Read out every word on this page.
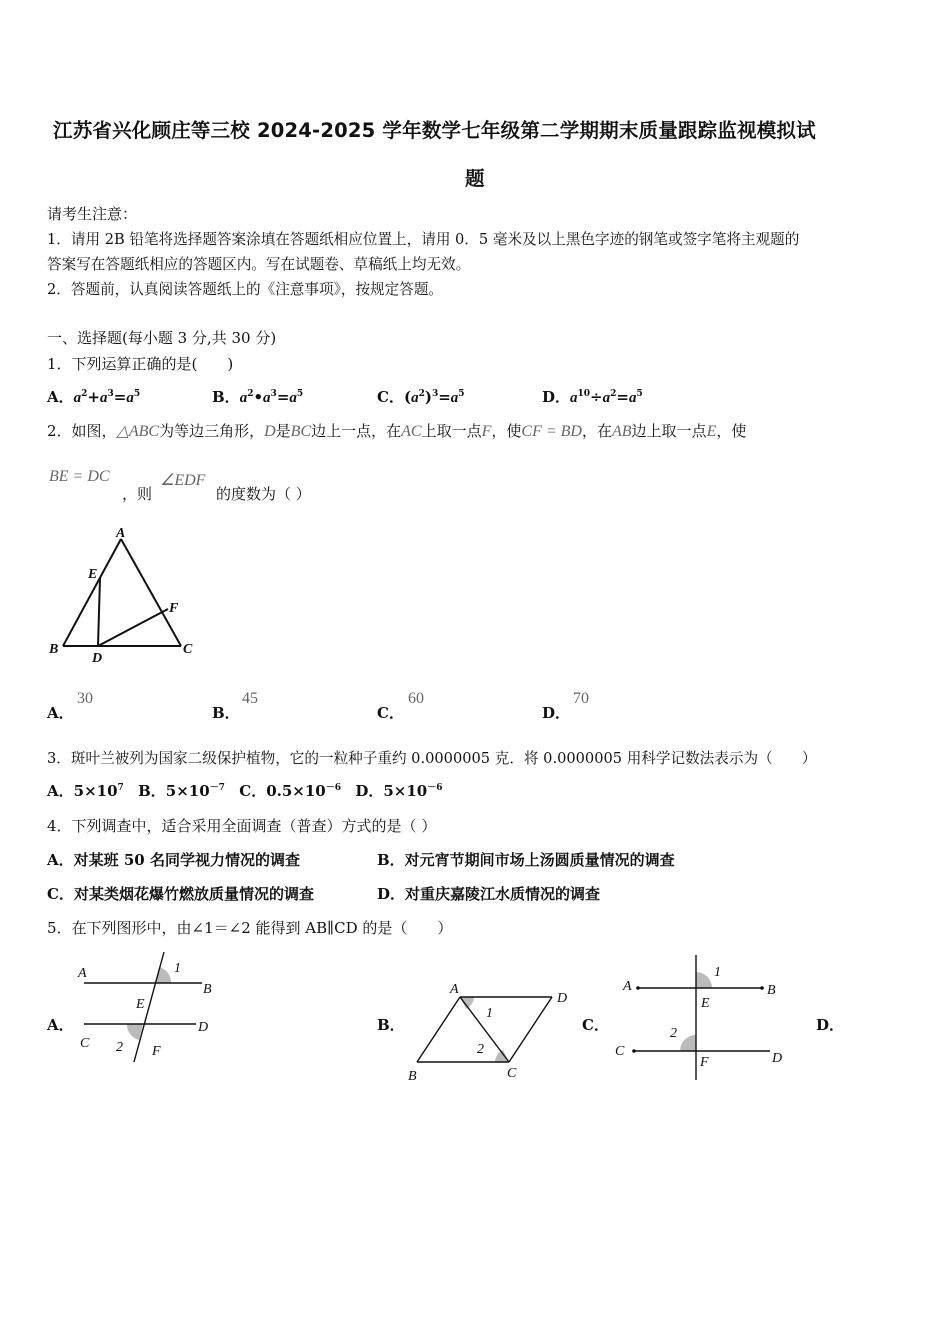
江苏省兴化顾庄等三校 2024-2025 学年数学七年级第二学期期末质量跟踪监视模拟试
题
请考生注意：
1．请用 2B 铅笔将选择题答案涂填在答题纸相应位置上，请用 0．5 毫米及以上黑色字迹的钢笔或签字笔将主观题的
答案写在答题纸相应的答题区内。写在试题卷、草稿纸上均无效。
2．答题前，认真阅读答题纸上的《注意事项》，按规定答题。
一、选择题(每小题 3 分,共 30 分)
1．下列运算正确的是(　　)
A．$a^2+a^3=a^5$	B．$a^2•a^3=a^5$	C．$(a^2)^3=a^5$	D．$a^{10}\div a^2=a^5$
2．如图，△ABC为等边三角形，D是BC边上一点，在AC上取一点F，使CF = BD，在AB边上取一点E，使
BE = DC
，则
∠EDF
的度数为（ ）
A
E
F
B
D
C
A．
30
B．
45
C．
60
D．
70
3．斑叶兰被列为国家二级保护植物，它的一粒种子重约 0.0000005 克．将 0.0000005 用科学记数法表示为（　　）
A．$5\times 10^7$ B．$5\times 10^{-7}$ C．$0.5\times 10^{-6}$ D．$5\times 10^{-6}$
4．下列调查中，适合采用全面调查（普查）方式的是（ ）
A．对某班 50 名同学视力情况的调查	B．对元宵节期间市场上汤圆质量情况的调查
C．对某类烟花爆竹燃放质量情况的调查	D．对重庆嘉陵江水质情况的调查
5．在下列图形中，由∠1＝∠2 能得到 AB∥CD 的是（　　）
A．	B．	C．	D．
A	1
B
E
D
C 2 F
A
D
1
2
B	C
A
1
B
E
2
C	D
F
